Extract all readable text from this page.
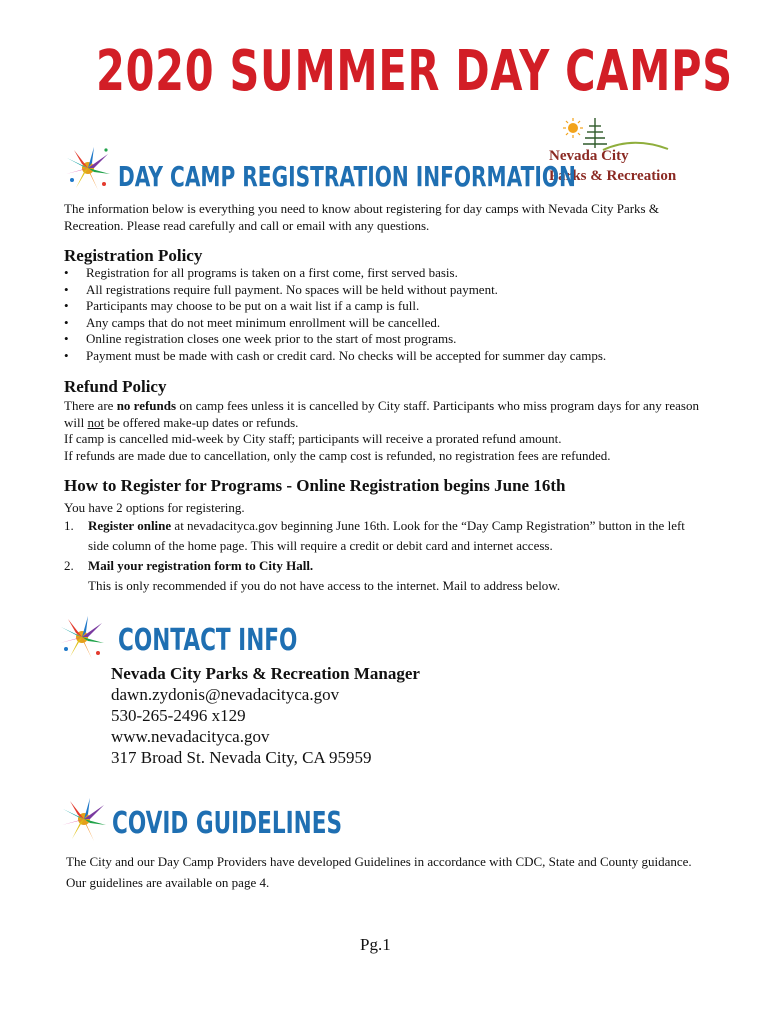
2020 SUMMER DAY CAMPS
Nevada City
Parks & Recreation
DAY CAMP REGISTRATION INFORMATION
The information below is everything you need to know about registering for day camps with Nevada City Parks & Recreation. Please read carefully and call or email with any questions.
Registration Policy
• Registration for all programs is taken on a first come, first served basis.
• All registrations require full payment. No spaces will be held without payment.
• Participants may choose to be put on a wait list if a camp is full.
• Any camps that do not meet minimum enrollment will be cancelled.
• Online registration closes one week prior to the start of most programs.
• Payment must be made with cash or credit card. No checks will be accepted for summer day camps.
Refund Policy
There are no refunds on camp fees unless it is cancelled by City staff. Participants who miss program days for any reason will not be offered make-up dates or refunds.
If camp is cancelled mid-week by City staff; participants will receive a prorated refund amount.
If refunds are made due to cancellation, only the camp cost is refunded, no registration fees are refunded.
How to Register for Programs - Online Registration begins June 16th
You have 2 options for registering.
1. Register online at nevadacityca.gov beginning June 16th. Look for the “Day Camp Registration” button in the left side column of the home page. This will require a credit or debit card and internet access.
2. Mail your registration form to City Hall.
This is only recommended if you do not have access to the internet. Mail to address below.
CONTACT INFO
Nevada City Parks & Recreation Manager
dawn.zydonis@nevadacityca.gov
530-265-2496 x129
www.nevadacityca.gov
317 Broad St. Nevada City, CA 95959
COVID GUIDELINES
The City and our Day Camp Providers have developed Guidelines in accordance with CDC, State and County guidance. Our guidelines are available on page 4.
Pg.1
